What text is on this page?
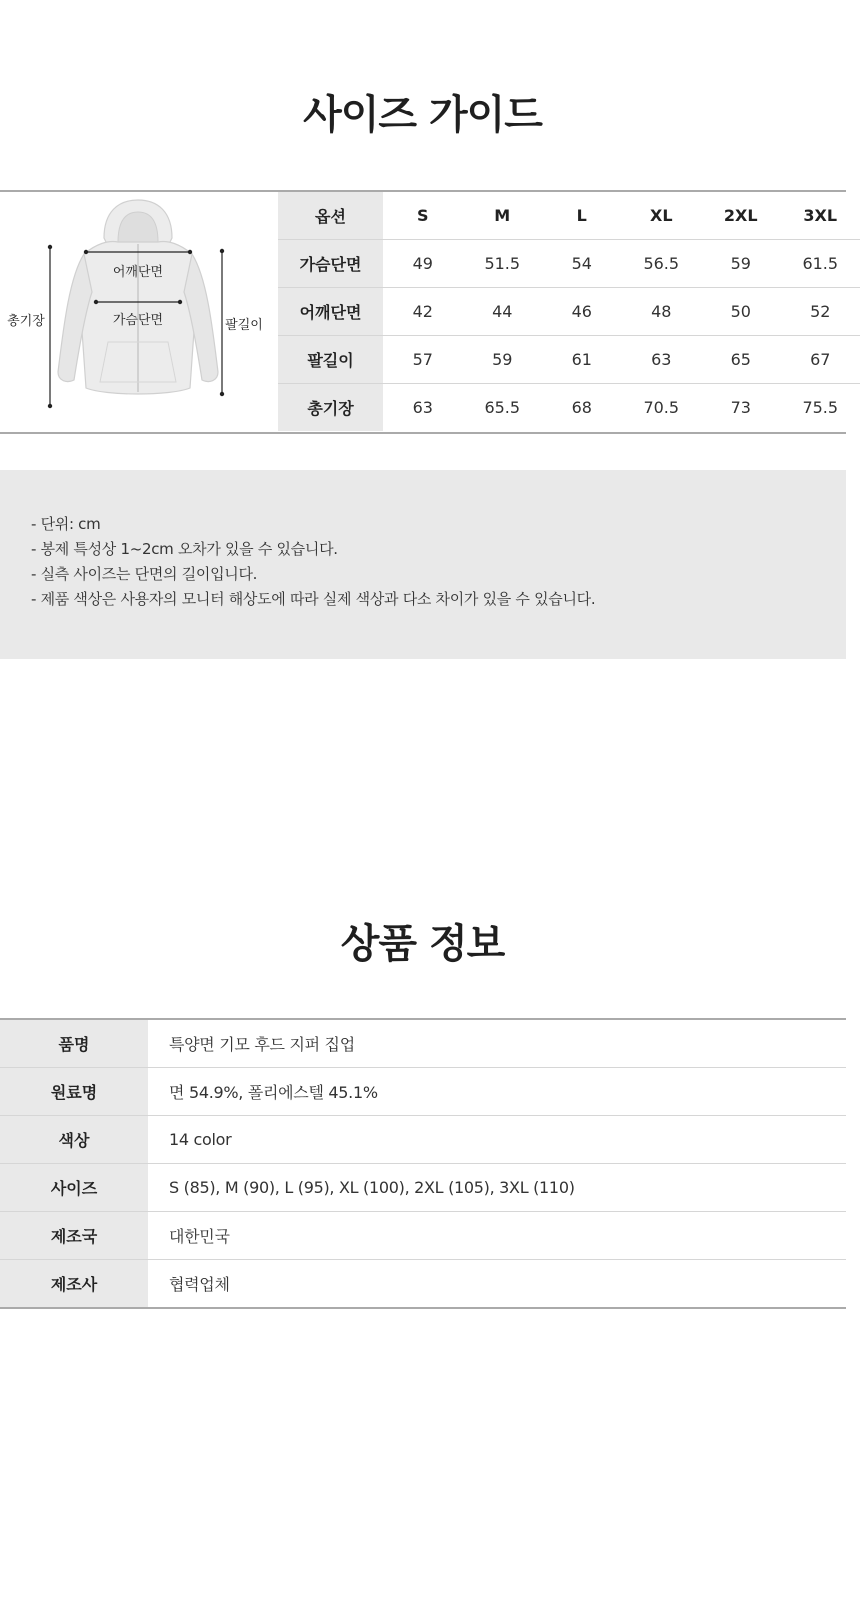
사이즈 가이드
어깨단면
가슴단면
총기장	팔길이
옵션	S	M	L	XL	2XL	3XL
가슴단면	49	51.5	54	56.5	59	61.5
어깨단면	42	44	46	48	50	52
팔길이	57	59	61	63	65	67
총기장	63	65.5	68	70.5	73	75.5
- 단위: cm
- 봉제 특성상 1~2cm 오차가 있을 수 있습니다.
- 실측 사이즈는 단면의 길이입니다.
- 제품 색상은 사용자의 모니터 해상도에 따라 실제 색상과 다소 차이가 있을 수 있습니다.
상품 정보
품명	특양면 기모 후드 지퍼 집업
원료명	면 54.9%, 폴리에스텔 45.1%
색상	14 color
사이즈	S (85), M (90), L (95), XL (100), 2XL (105), 3XL (110)
제조국	대한민국
제조사	협력업체
